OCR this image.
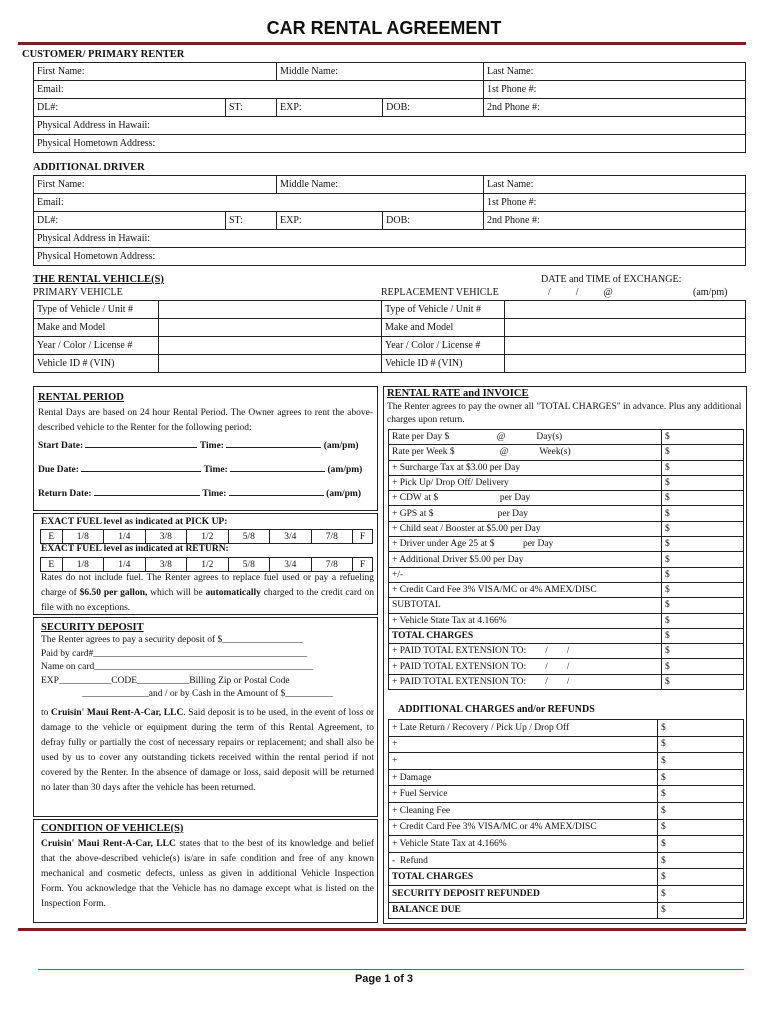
CAR RENTAL AGREEMENT
CUSTOMER/ PRIMARY RENTER
First Name:		Middle Name:		Last Name:
Email:				1st Phone #:
DL#:	ST:	EXP:	DOB:	2nd Phone #:
Physical Address in Hawaii:				
Physical Hometown Address:				
ADDITIONAL DRIVER
First Name:		Middle Name:		Last Name:
Email:				1st Phone #:
DL#:	ST:	EXP:	DOB:	2nd Phone #:
Physical Address in Hawaii:				
Physical Hometown Address:				
THE RENTAL VEHICLE(S)	DATE and TIME of EXCHANGE:
PRIMARY VEHICLE	REPLACEMENT VEHICLE	/          /          @	(am/pm)
Type of Vehicle / Unit #		Type of Vehicle / Unit #	
Make and Model		Make and Model	
Year / Color / License #		Year / Color / License #	
Vehicle ID # (VIN)		Vehicle ID # (VIN)	
RENTAL PERIOD
Rental Days are based on 24 hour Rental Period. The Owner agrees to rent the above-described vehicle to the Renter for the following period:
Start Date:	Time:	(am/pm)
Due Date:	Time:	(am/pm)
Return Date:	Time:	(am/pm)
EXACT FUEL level as indicated at PICK UP:
E	1/8	1/4	3/8	1/2	5/8	3/4	7/8	F
EXACT FUEL level as indicated at RETURN:
E	1/8	1/4	3/8	1/2	5/8	3/4	7/8	F
Rates do not include fuel. The Renter agrees to replace fuel used or pay a refueling charge of $6.50 per gallon, which will be automatically charged to the credit card on file with no exceptions.
SECURITY DEPOSIT
The Renter agrees to pay a security deposit of $_________________
Paid by card#_____________________________________________
Name on card______________________________________________
EXP___________CODE___________Billing Zip or Postal Code
______________and / or by Cash in the Amount of $__________
to Cruisin' Maui Rent-A-Car, LLC. Said deposit is to be used, in the event of loss or damage to the vehicle or equipment during the term of this Rental Agreement, to defray fully or partially the cost of necessary repairs or replacement; and shall also be used by us to cover any outstanding tickets received within the rental period if not covered by the Renter. In the absence of damage or loss, said deposit will be returned no later than 30 days after the vehicle has been returned.
CONDITION OF VEHICLE(S)
Cruisin' Maui Rent-A-Car, LLC states that to the best of its knowledge and belief that the above-described vehicle(s) is/are in safe condition and free of any known mechanical and cosmetic defects, unless as given in additional Vehicle Inspection Form. You acknowledge that the Vehicle has no damage except what is listed on the Inspection Form.
RENTAL RATE and INVOICE
The Renter agrees to pay the owner all "TOTAL CHARGES" in advance. Plus any additional charges upon return.
Rate per Day $                    @             Day(s)	$
Rate per Week $                   @             Week(s)	$
+ Surcharge Tax at $3.00 per Day	$
+ Pick Up/ Drop Off/ Delivery	$
+ CDW at $                          per Day	$
+ GPS at $                           per Day	$
+ Child seat / Booster at $5.00 per Day	$
+ Driver under Age 25 at $            per Day	$
+ Additional Driver $5.00 per Day	$
+/-	$
+ Credit Card Fee 3% VISA/MC or 4% AMEX/DISC	$
SUBTOTAL	$
+ Vehicle State Tax at 4.166%	$
TOTAL CHARGES	$
+ PAID TOTAL EXTENSION TO:        /        /	$
+ PAID TOTAL EXTENSION TO:        /        /	$
+ PAID TOTAL EXTENSION TO:        /        /	$
ADDITIONAL CHARGES and/or REFUNDS
+ Late Return / Recovery / Pick Up / Drop Off	$
+	$
+	$
+ Damage	$
+ Fuel Service	$
+ Cleaning Fee	$
+ Credit Card Fee 3% VISA/MC or 4% AMEX/DISC	$
+ Vehicle State Tax at 4.166%	$
-  Refund	$
TOTAL CHARGES	$
SECURITY DEPOSIT REFUNDED	$
BALANCE DUE	$
Page 1 of 3
